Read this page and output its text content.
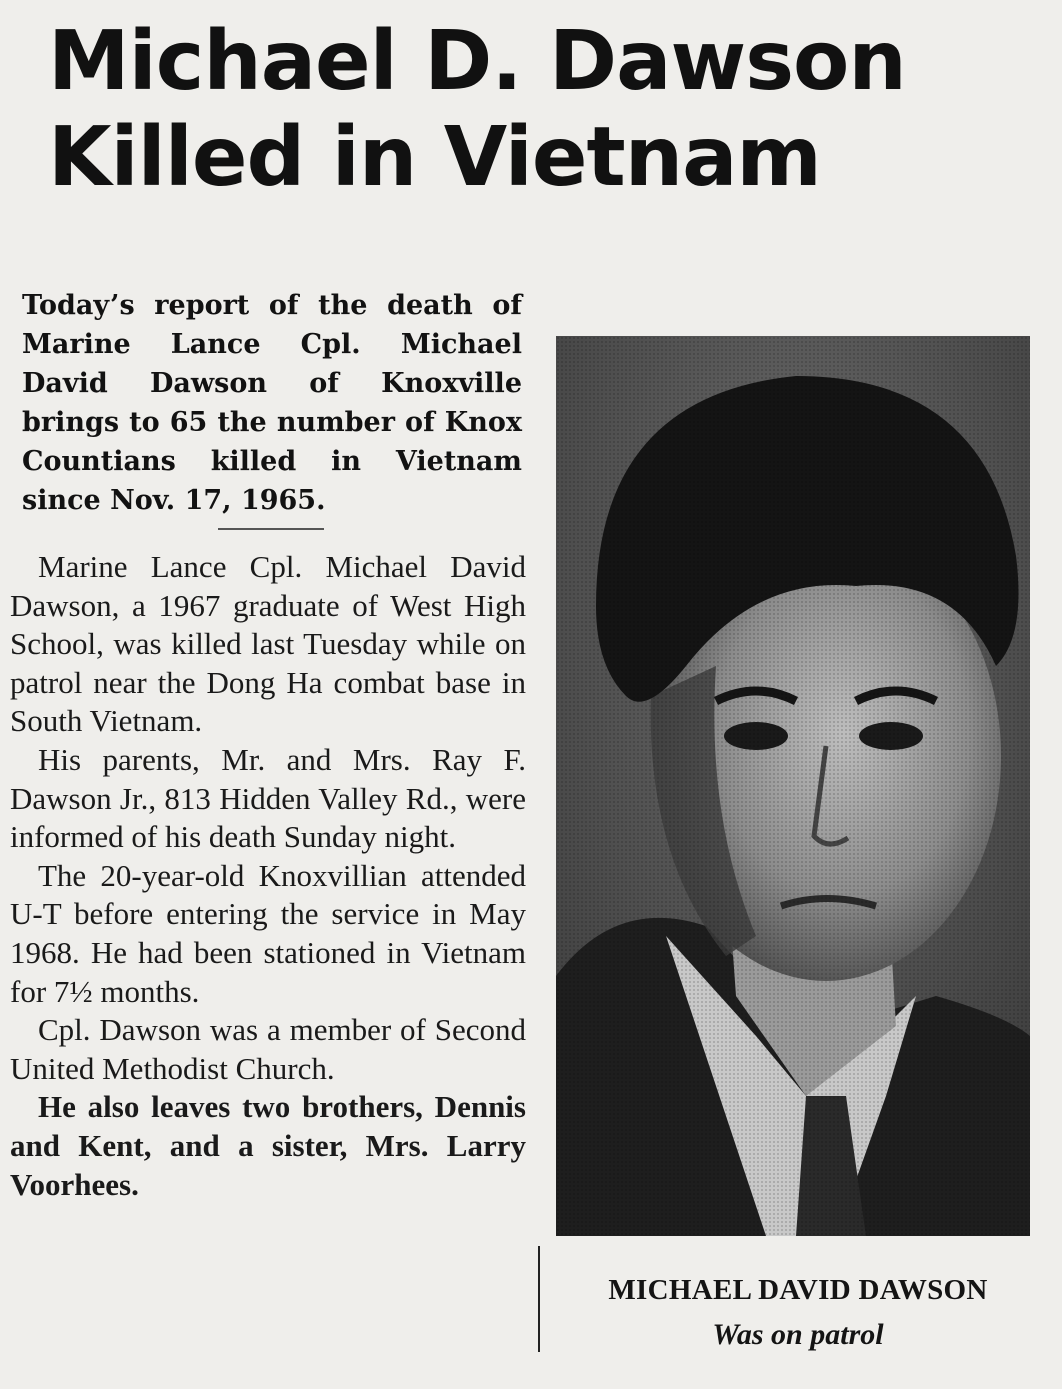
Michael D. Dawson
Killed in Vietnam
Today’s report of the death of Marine Lance Cpl. Michael David Dawson of Knoxville brings to 65 the number of Knox Countians killed in Vietnam since Nov. 17, 1965.

Marine Lance Cpl. Michael David Dawson, a 1967 graduate of West High School, was killed last Tuesday while on patrol near the Dong Ha combat base in South Vietnam.

His parents, Mr. and Mrs. Ray F. Dawson Jr., 813 Hidden Valley Rd., were informed of his death Sunday night.

The 20-year-old Knoxvillian attended U-T before entering the service in May 1968. He had been stationed in Vietnam for 7½ months.

Cpl. Dawson was a member of Second United Methodist Church.

He also leaves two brothers, Dennis and Kent, and a sister, Mrs. Larry Voorhees.

MICHAEL DAVID DAWSON
Was on patrol
